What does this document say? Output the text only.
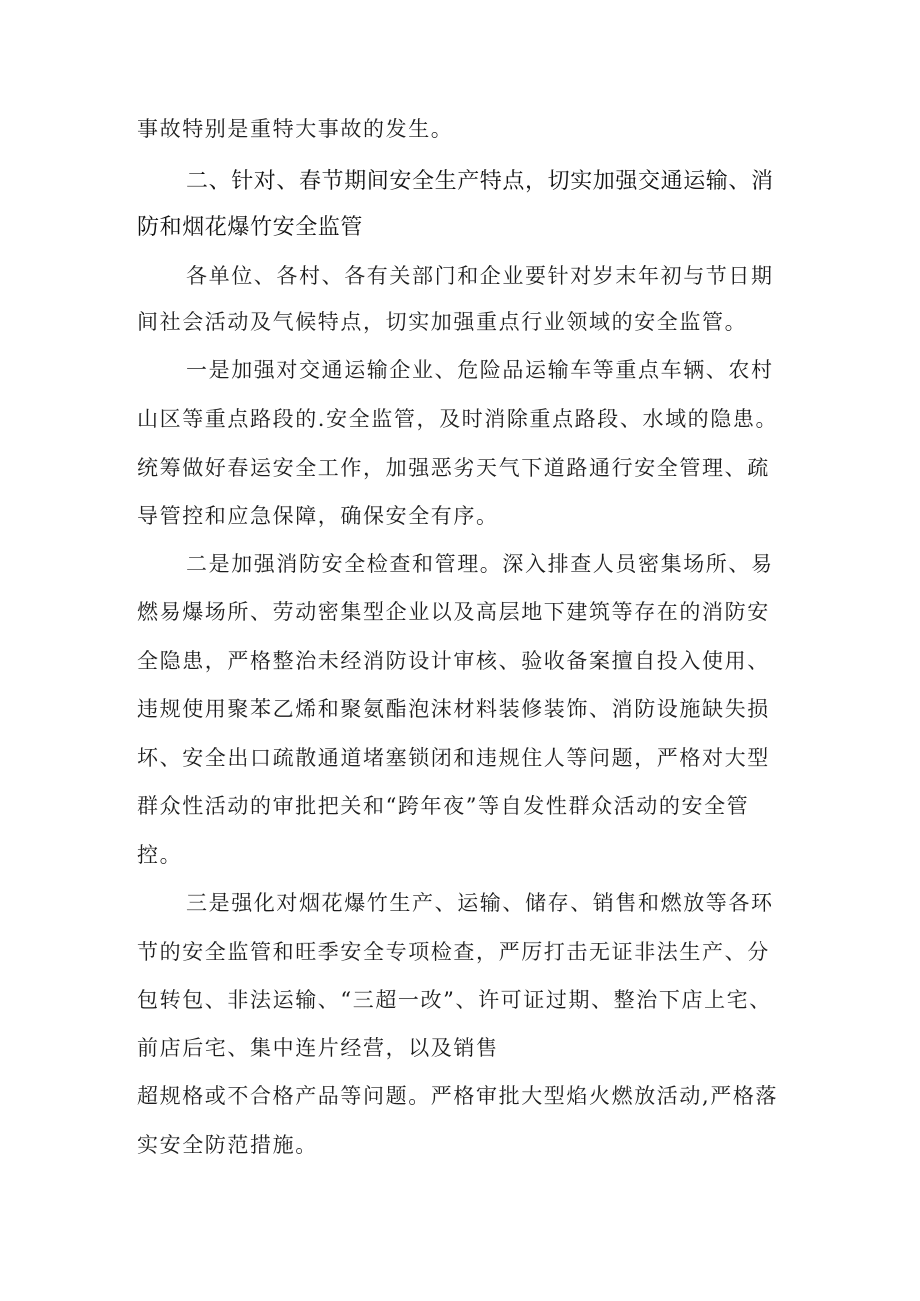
事故特别是重特大事故的发生。
二、针对、春节期间安全生产特点，切实加强交通运输、消
防和烟花爆竹安全监管
各单位、各村、各有关部门和企业要针对岁末年初与节日期
间社会活动及气候特点，切实加强重点行业领域的安全监管。
一是加强对交通运输企业、危险品运输车等重点车辆、农村
山区等重点路段的.安全监管，及时消除重点路段、水域的隐患。
统筹做好春运安全工作，加强恶劣天气下道路通行安全管理、疏
导管控和应急保障，确保安全有序。
二是加强消防安全检查和管理。深入排查人员密集场所、易
燃易爆场所、劳动密集型企业以及高层地下建筑等存在的消防安
全隐患，严格整治未经消防设计审核、验收备案擅自投入使用、
违规使用聚苯乙烯和聚氨酯泡沫材料装修装饰、消防设施缺失损
坏、安全出口疏散通道堵塞锁闭和违规住人等问题，严格对大型
群众性活动的审批把关和“跨年夜”等自发性群众活动的安全管
控。
三是强化对烟花爆竹生产、运输、储存、销售和燃放等各环
节的安全监管和旺季安全专项检查，严厉打击无证非法生产、分
包转包、非法运输、“三超一改”、许可证过期、整治下店上宅、
前店后宅、集中连片经营，以及销售
超规格或不合格产品等问题。严格审批大型焰火燃放活动,严格落
实安全防范措施。
